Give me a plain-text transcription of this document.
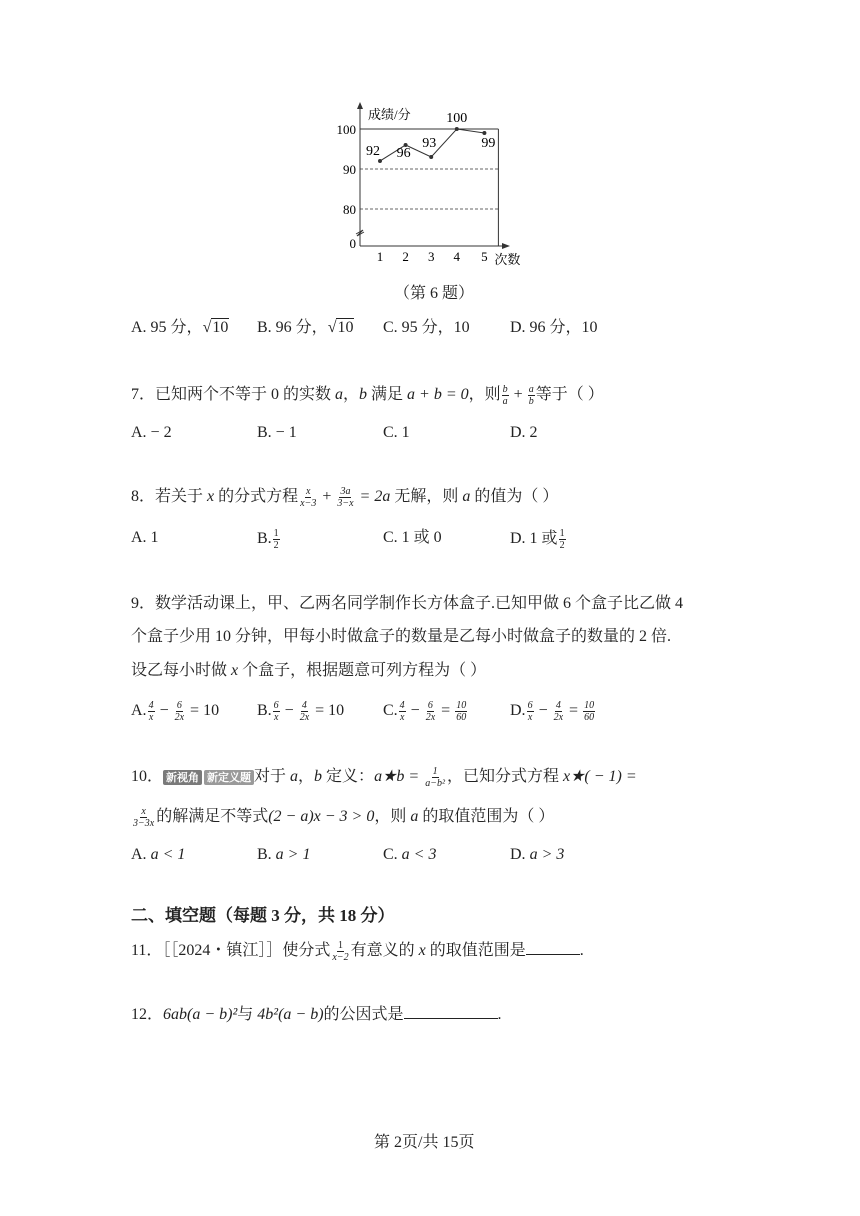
0
80
90
100
成绩/分
1 2 3 4 5 次数
92 96
93
100
99
（第 6 题）
A. 95 分，√10 B. 96 分，√10 C. 95 分，10	D. 96 分，10
7．已知两个不等于 0 的实数 a，b 满足 a + b = 0，则 $\frac{b}{a} + \frac{a}{b}$ 等于（ ）
A. − 2	B. − 1	C. 1	D. 2
8．若关于 x 的分式方程 $\frac{x}{x-3} + \frac{3a}{3-x} = 2a$ 无解，则 a 的值为（ ）
A. 1	B. $\frac{1}{2}$	C. 1 或 0	D. 1 或 $\frac{1}{2}$
9．数学活动课上，甲、乙两名同学制作长方体盒子.已知甲做 6 个盒子比乙做 4
个盒子少用 10 分钟，甲每小时做盒子的数量是乙每小时做盒子的数量的 2 倍.
设乙每小时做 x 个盒子，根据题意可列方程为（ ）
A. $\frac{4}{x} - \frac{6}{2x} = 10$ B. $\frac{6}{x} - \frac{4}{2x} = 10$ C. $\frac{4}{x} - \frac{6}{2x} = \frac{10}{60}$	D. $\frac{6}{x} - \frac{4}{2x} = \frac{10}{60}$
10． 新视角 新定义题 对于 a，b 定义：a★b = $\frac{1}{\text{a−b²}}$ ，已知分式方程 x★( − 1) =
$\frac{x}{3-3x}$ 的解满足不等式(2 − a)x − 3 > 0，则 a 的取值范围为（ ）
A. a < 1	B. a > 1	C. a < 3	D. a > 3
二、填空题（每题 3 分，共 18 分）
11．［［2024・镇江］］使分式 $\frac{1}{x-2}$ 有意义的 x 的取值范围是	.
12．6ab(a − b)²与 4b²(a − b)的公因式是	.
第 2页/共 15页
